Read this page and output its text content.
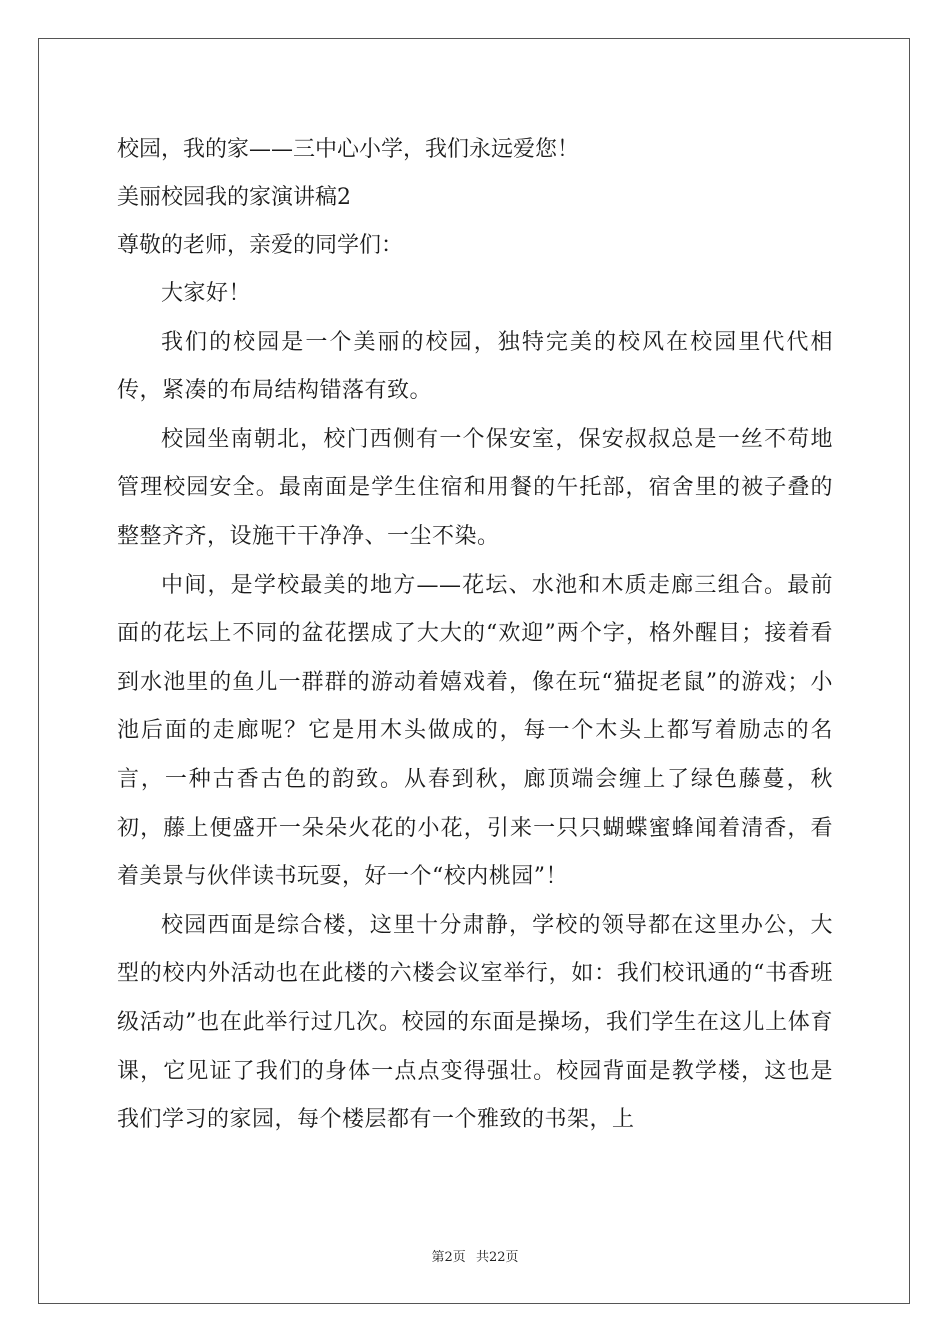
校园，我的家——三中心小学，我们永远爱您！

美丽校园我的家演讲稿2

尊敬的老师，亲爱的同学们：

大家好！

我们的校园是一个美丽的校园，独特完美的校风在校园里代代相传，紧凑的布局结构错落有致。

校园坐南朝北，校门西侧有一个保安室，保安叔叔总是一丝不苟地管理校园安全。最南面是学生住宿和用餐的午托部，宿舍里的被子叠的整整齐齐，设施干干净净、一尘不染。

中间，是学校最美的地方——花坛、水池和木质走廊三组合。最前面的花坛上不同的盆花摆成了大大的“欢迎”两个字，格外醒目；接着看到水池里的鱼儿一群群的游动着嬉戏着，像在玩“猫捉老鼠”的游戏；小池后面的走廊呢？它是用木头做成的，每一个木头上都写着励志的名言，一种古香古色的韵致。从春到秋，廊顶端会缠上了绿色藤蔓，秋初，藤上便盛开一朵朵火花的小花，引来一只只蝴蝶蜜蜂闻着清香，看着美景与伙伴读书玩耍，好一个“校内桃园”！

校园西面是综合楼，这里十分肃静，学校的领导都在这里办公，大型的校内外活动也在此楼的六楼会议室举行，如：我们校讯通的“书香班级活动”也在此举行过几次。校园的东面是操场，我们学生在这儿上体育课，它见证了我们的身体一点点变得强壮。校园背面是教学楼，这也是我们学习的家园，每个楼层都有一个雅致的书架，上

第2页 共22页
